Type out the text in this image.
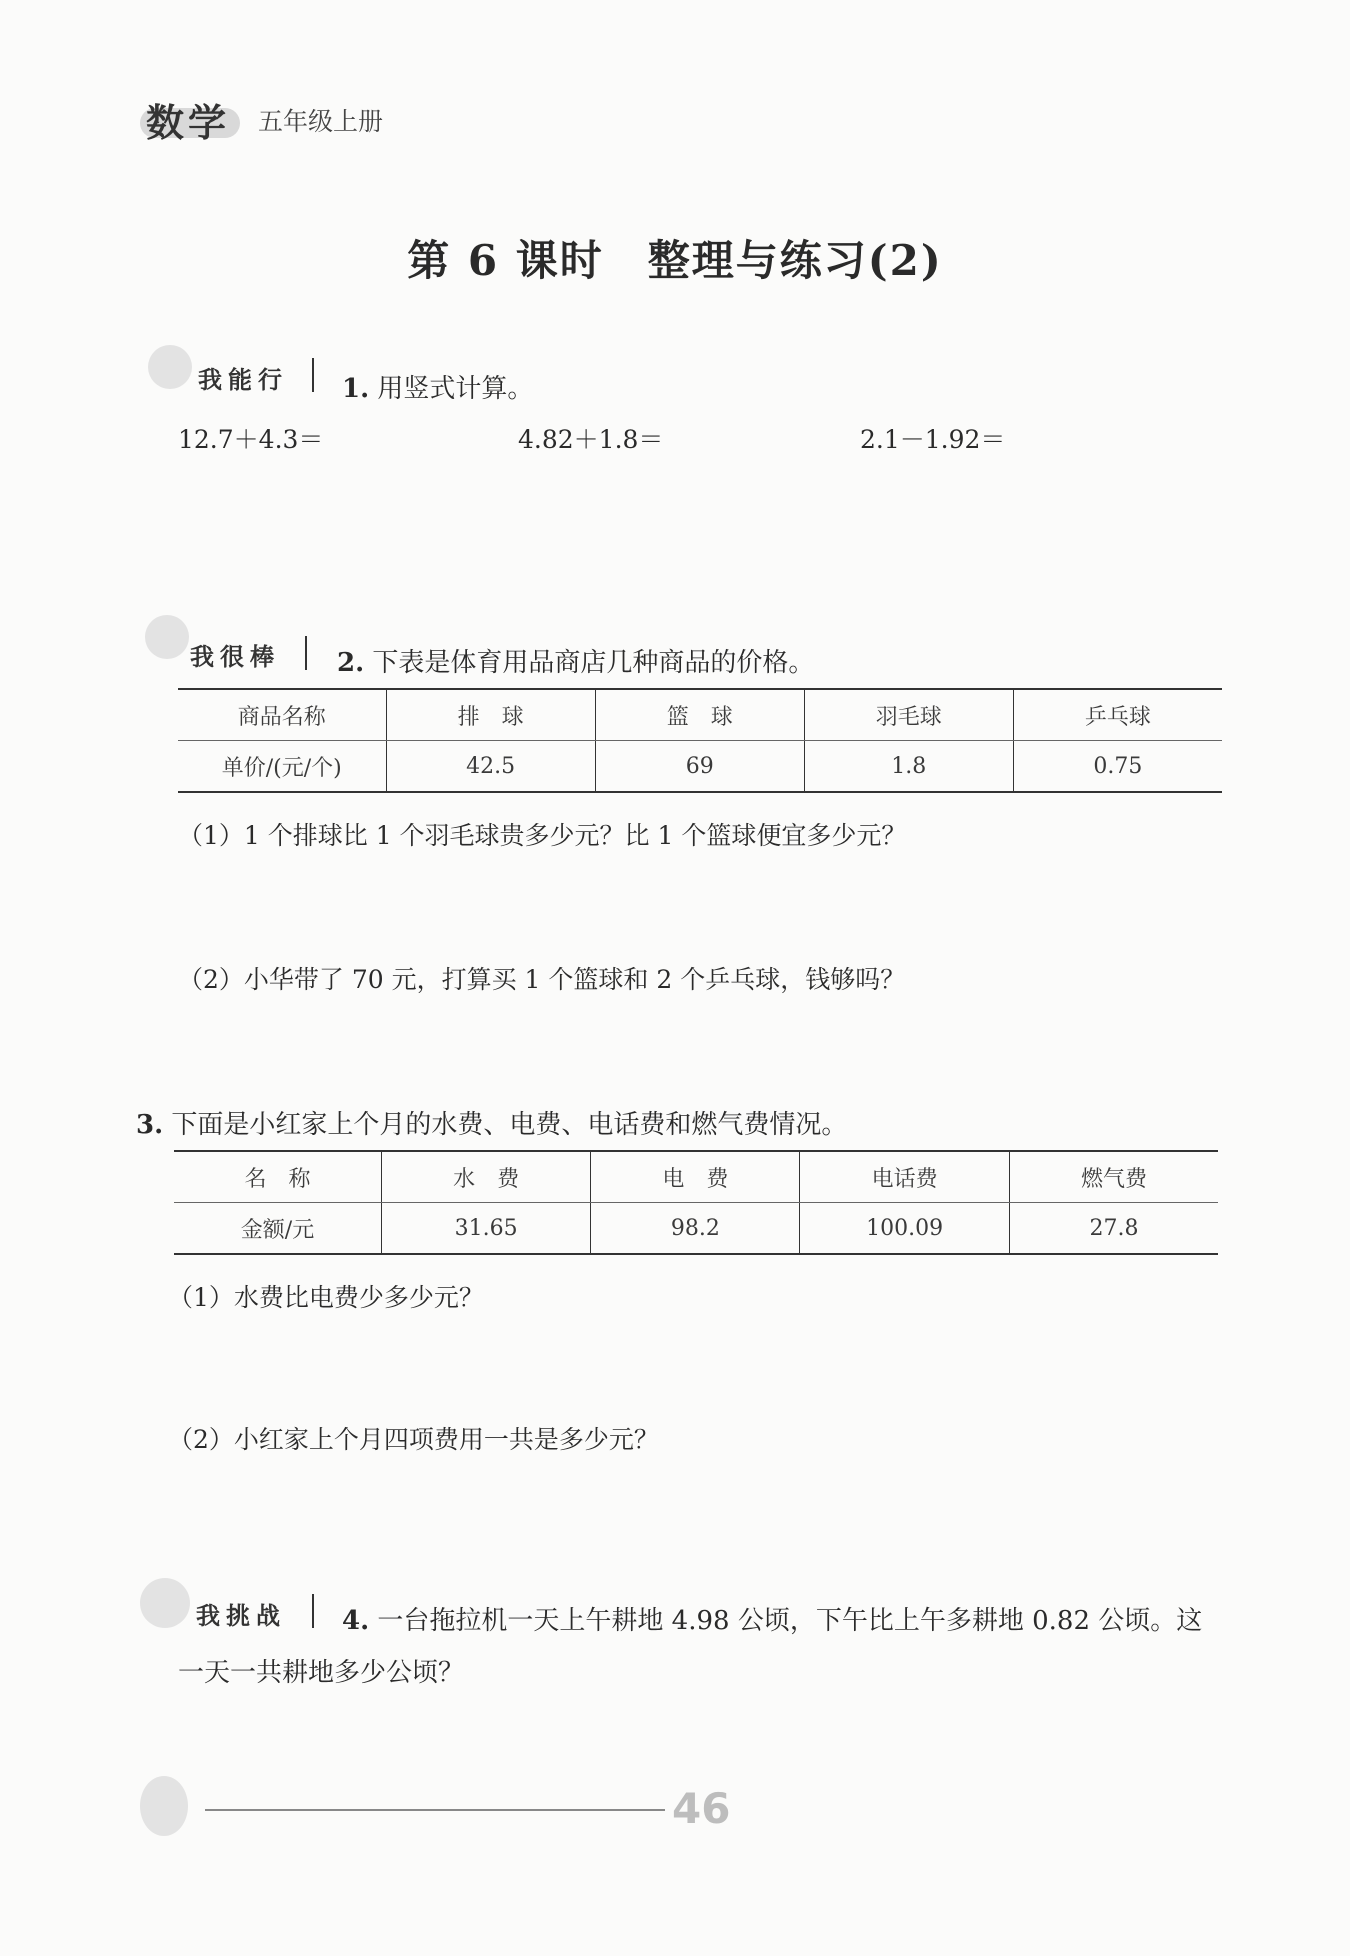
数学 五年级上册
第 6 课时　整理与练习(2)
我能行 1. 用竖式计算。
12.7＋4.3＝	4.82＋1.8＝	2.1－1.92＝
我很棒 2. 下表是体育用品商店几种商品的价格。
商品名称	排　球	篮　球	羽毛球	乒乓球
单价/(元/个)	42.5	69	1.8	0.75
（1）1 个排球比 1 个羽毛球贵多少元？比 1 个篮球便宜多少元？
（2）小华带了 70 元，打算买 1 个篮球和 2 个乒乓球，钱够吗？
3. 下面是小红家上个月的水费、电费、电话费和燃气费情况。
名　称	水　费	电　费	电话费	燃气费
金额/元	31.65	98.2	100.09	27.8
（1）水费比电费少多少元？
（2）小红家上个月四项费用一共是多少元？
我挑战 4. 一台拖拉机一天上午耕地 4.98 公顷，下午比上午多耕地 0.82 公顷。这
一天一共耕地多少公顷？
46
